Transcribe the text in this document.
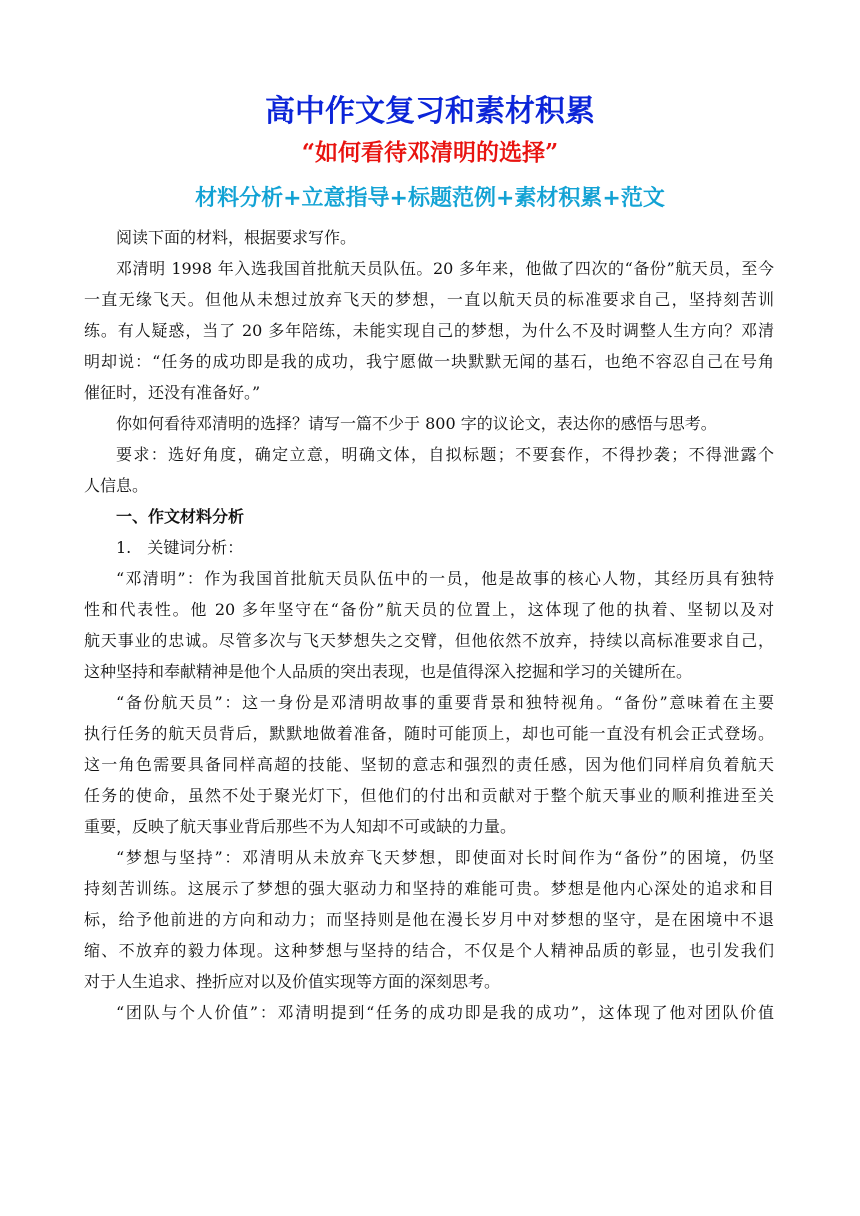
高中作文复习和素材积累
“如何看待邓清明的选择”
材料分析+立意指导+标题范例+素材积累+范文
阅读下面的材料，根据要求写作。
邓清明 1998 年入选我国首批航天员队伍。20 多年来，他做了四次的“备份”航天员，至今
一直无缘飞天。但他从未想过放弃飞天的梦想，一直以航天员的标准要求自己，坚持刻苦训
练。有人疑惑，当了 20 多年陪练，未能实现自己的梦想，为什么不及时调整人生方向？邓清
明却说：“任务的成功即是我的成功，我宁愿做一块默默无闻的基石，也绝不容忍自己在号角
催征时，还没有准备好。”
你如何看待邓清明的选择？请写一篇不少于 800 字的议论文，表达你的感悟与思考。
要求：选好角度，确定立意，明确文体，自拟标题；不要套作，不得抄袭；不得泄露个
人信息。
一、作文材料分析
1.　关键词分析：
“邓清明”：作为我国首批航天员队伍中的一员，他是故事的核心人物，其经历具有独特
性和代表性。他 20 多年坚守在“备份”航天员的位置上，这体现了他的执着、坚韧以及对
航天事业的忠诚。尽管多次与飞天梦想失之交臂，但他依然不放弃，持续以高标准要求自己，
这种坚持和奉献精神是他个人品质的突出表现，也是值得深入挖掘和学习的关键所在。
“备份航天员”：这一身份是邓清明故事的重要背景和独特视角。“备份”意味着在主要
执行任务的航天员背后，默默地做着准备，随时可能顶上，却也可能一直没有机会正式登场。
这一角色需要具备同样高超的技能、坚韧的意志和强烈的责任感，因为他们同样肩负着航天
任务的使命，虽然不处于聚光灯下，但他们的付出和贡献对于整个航天事业的顺利推进至关
重要，反映了航天事业背后那些不为人知却不可或缺的力量。
“梦想与坚持”：邓清明从未放弃飞天梦想，即使面对长时间作为“备份”的困境，仍坚
持刻苦训练。这展示了梦想的强大驱动力和坚持的难能可贵。梦想是他内心深处的追求和目
标，给予他前进的方向和动力；而坚持则是他在漫长岁月中对梦想的坚守，是在困境中不退
缩、不放弃的毅力体现。这种梦想与坚持的结合，不仅是个人精神品质的彰显，也引发我们
对于人生追求、挫折应对以及价值实现等方面的深刻思考。
“团队与个人价值”：邓清明提到“任务的成功即是我的成功”，这体现了他对团队价值
